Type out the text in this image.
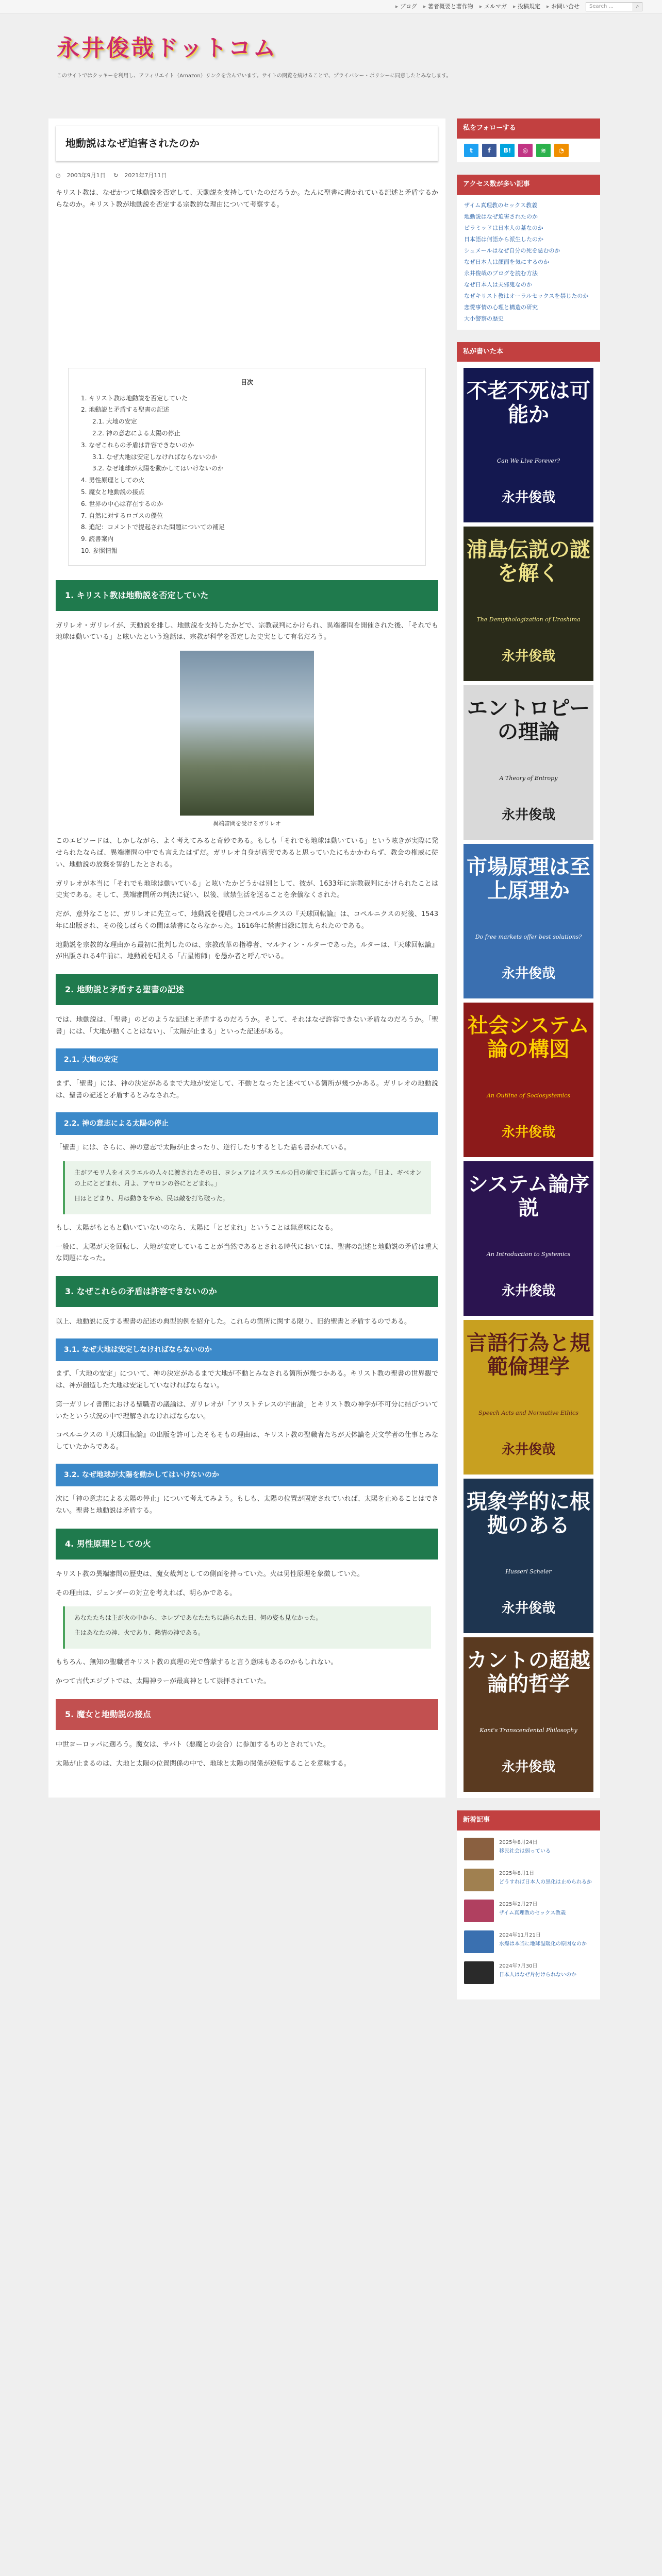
▸ ブログ	▸ 著者概要と著作物	▸ メルマガ	▸ 投稿規定	▸ お問い合せ	Search ...	⌕
永井俊哉ドットコム
このサイトではクッキーを利用し、アフィリエイト（Amazon）リンクを含んでいます。サイトの閲覧を続けることで、プライバシー・ポリシーに同意したとみなします。
地動説はなぜ迫害されたのか
◷ 2003年9月1日 ↻ 2021年7月11日

キリスト教は、なぜかつて地動説を否定して、天動説を支持していたのだろうか。たんに聖書に書かれている記述と矛盾するからなのか。キリスト教が地動説を否定する宗教的な理由について考察する。

目次
1. キリスト教は地動説を否定していた
2. 地動説と矛盾する聖書の記述
2.1. 大地の安定
2.2. 神の意志による太陽の停止
3. なぜこれらの矛盾は許容できないのか
3.1. なぜ大地は安定しなければならないのか
3.2. なぜ地球が太陽を動かしてはいけないのか
4. 男性原理としての火
5. 魔女と地動説の接点
6. 世界の中心は存在するのか
7. 自然に対するロゴスの優位
8. 追記：コメントで提起された問題についての補足
9. 読書案内
10. 参照情報
1. キリスト教は地動説を否定していた

ガリレオ・ガリレイが、天動説を排し、地動説を支持したかどで、宗教裁判にかけられ、異端審問を開催された後、「それでも地球は動いている」と呟いたという逸話は、宗教が科学を否定した史実として有名だろう。

異端審問を受けるガリレオ

このエピソードは、しかしながら、よく考えてみると奇妙である。もしも「それでも地球は動いている」という呟きが実際に発せられたならば、異端審問の中でも言えたはずだ。ガリレオ自身が真実であると思っていたにもかかわらず、教会の権威に従い、地動説の放棄を誓約したとされる。

ガリレオが本当に「それでも地球は動いている」と呟いたかどうかは別として、彼が、1633年に宗教裁判にかけられたことは史実である。そして、異端審問所の判決に従い、以後、軟禁生活を送ることを余儀なくされた。

だが、意外なことに、ガリレオに先立って、地動説を提唱したコペルニクスの『天球回転論』は、コペルニクスの死後、1543年に出版され、その後しばらくの間は禁書にならなかった。1616年に禁書目録に加えられたのである。

地動説を宗教的な理由から最初に批判したのは、宗教改革の指導者、マルティン・ルターであった。ルターは、『天球回転論』が出版される4年前に、地動説を唱える「占星術師」を愚か者と呼んでいる。

2. 地動説と矛盾する聖書の記述

では、地動説は、「聖書」のどのような記述と矛盾するのだろうか。そして、それはなぜ許容できない矛盾なのだろうか。「聖書」には、「大地が動くことはない」、「太陽が止まる」といった記述がある。

2.1. 大地の安定

まず、「聖書」には、神の決定があるまで大地が安定して、不動となったと述べている箇所が幾つかある。ガリレオの地動説は、聖書の記述と矛盾するとみなされた。

2.2. 神の意志による太陽の停止

「聖書」には、さらに、神の意志で太陽が止まったり、逆行したりするとした話も書かれている。

主がアモリ人をイスラエルの人々に渡されたその日、ヨシュアはイスラエルの目の前で主に語って言った。「日よ、ギベオンの上にとどまれ、月よ、アヤロンの谷にとどまれ。」

日はとどまり、月は動きをやめ、民は敵を打ち破った。

もし、太陽がもともと動いていないのなら、太陽に「とどまれ」ということは無意味になる。

一般に、太陽が天を回転し、大地が安定していることが当然であるとされる時代においては、聖書の記述と地動説の矛盾は重大な問題になった。

3. なぜこれらの矛盾は許容できないのか

以上、地動説に反する聖書の記述の典型的例を紹介した。これらの箇所に関する限り、旧約聖書と矛盾するのである。

3.1. なぜ大地は安定しなければならないのか

まず、「大地の安定」について、神の決定があるまで大地が不動とみなされる箇所が幾つかある。キリスト教の聖書の世界観では、神が創造した大地は安定していなければならない。

第一ガリレイ書簡における聖職者の議論は、ガリレオが「アリストテレスの宇宙論」とキリスト教の神学が不可分に結びついていたという状況の中で理解されなければならない。

コペルニクスの『天球回転論』の出版を許可したそもそもの理由は、キリスト教の聖職者たちが天体論を天文学者の仕事とみなしていたからである。

3.2. なぜ地球が太陽を動かしてはいけないのか

次に「神の意志による太陽の停止」について考えてみよう。もしも、太陽の位置が固定されていれば、太陽を止めることはできない。聖書と地動説は矛盾する。

4. 男性原理としての火

キリスト教の異端審問の歴史は、魔女裁判としての側面を持っていた。火は男性原理を象徴していた。

その理由は、ジェンダーの対立を考えれば、明らかである。

あなたたちは主が火の中から、ホレブであなたたちに語られた日、何の姿も見なかった。

主はあなたの神、火であり、熱情の神である。

もちろん、無知の聖職者キリスト教の真理の光で啓蒙すると言う意味もあるのかもしれない。

かつて古代エジプトでは、太陽神ラーが最高神として崇拝されていた。

5. 魔女と地動説の接点

中世ヨーロッパに遡ろう。魔女は、サバト（悪魔との会合）に参加するものとされていた。

太陽が止まるのは、大地と太陽の位置関係の中で、地球と太陽の関係が逆転することを意味する。

私をフォローする
t	f	B!	◎	≋	◔
アクセス数が多い記事
ザイム真理教のセックス教義
地動説はなぜ迫害されたのか
ピラミッドは日本人の墓なのか
日本語は何語から派生したのか
シュメールはなぜ自分の死を忌むのか
なぜ日本人は顔面を気にするのか
永井俊哉のブログを読む方法
なぜ日本人は天邪鬼なのか
なぜキリスト教はオーラルセックスを禁じたのか
恋愛事情の心理と構造の研究
大小警察の歴史
私が書いた本
不老不死は可能か
Can We Live Forever?
永井俊哉
浦島伝説の謎を解く
The Demythologization of Urashima
永井俊哉
エントロピーの理論
A Theory of Entropy
永井俊哉
市場原理は至上原理か
Do free markets offer best solutions?
永井俊哉
社会システム論の構図
An Outline of Sociosystemics
永井俊哉
システム論序説
An Introduction to Systemics
永井俊哉
言語行為と規範倫理学
Speech Acts and Normative Ethics
永井俊哉
現象学的に根拠のある
Husserl Scheler
永井俊哉
カントの超越論的哲学
Kant's Transcendental Philosophy
永井俊哉
新着記事
2025年8月24日
移民社会は弱っている
2025年8月1日
どうすれば日本人の黒化は止められるか
2025年2月27日
ザイム真理教のセックス教義
2024年11月21日
水爆は本当に地球温暖化の原因なのか
2024年7月30日
日本人はなぜ片付けられないのか
